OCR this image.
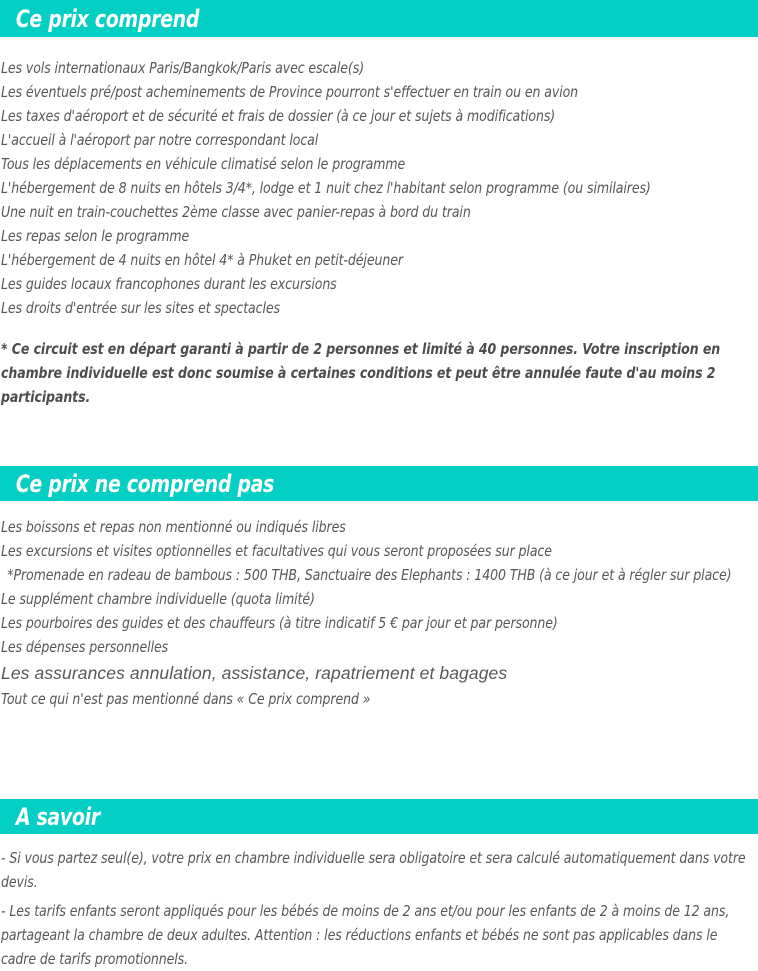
Ce prix comprend
Les vols internationaux Paris/Bangkok/Paris avec escale(s)
Les éventuels pré/post acheminements de Province pourront s'effectuer en train ou en avion
Les taxes d'aéroport et de sécurité et frais de dossier (à ce jour et sujets à modifications)
L'accueil à l'aéroport par notre correspondant local
Tous les déplacements en véhicule climatisé selon le programme
L'hébergement de 8 nuits en hôtels 3/4*, lodge et 1 nuit chez l'habitant selon programme (ou similaires)
Une nuit en train-couchettes 2ème classe avec panier-repas à bord du train
Les repas selon le programme
L'hébergement de 4 nuits en hôtel 4* à Phuket en petit-déjeuner
Les guides locaux francophones durant les excursions
Les droits d'entrée sur les sites et spectacles
* Ce circuit est en départ garanti à partir de 2 personnes et limité à 40 personnes. Votre inscription en chambre individuelle est donc soumise à certaines conditions et peut être annulée faute d'au moins 2 participants.
Ce prix ne comprend pas
Les boissons et repas non mentionné ou indiqués libres
Les excursions et visites optionnelles et facultatives qui vous seront proposées sur place
*Promenade en radeau de bambous : 500 THB, Sanctuaire des Elephants : 1400 THB (à ce jour et à régler sur place)
Le supplément chambre individuelle (quota limité)
Les pourboires des guides et des chauffeurs (à titre indicatif 5 € par jour et par personne)
Les dépenses personnelles
Les assurances annulation, assistance, rapatriement et bagages
Tout ce qui n'est pas mentionné dans « Ce prix comprend »
A savoir
- Si vous partez seul(e), votre prix en chambre individuelle sera obligatoire et sera calculé automatiquement dans votre devis.
- Les tarifs enfants seront appliqués pour les bébés de moins de 2 ans et/ou pour les enfants de 2 à moins de 12 ans, partageant la chambre de deux adultes. Attention : les réductions enfants et bébés ne sont pas applicables dans le cadre de tarifs promotionnels.
